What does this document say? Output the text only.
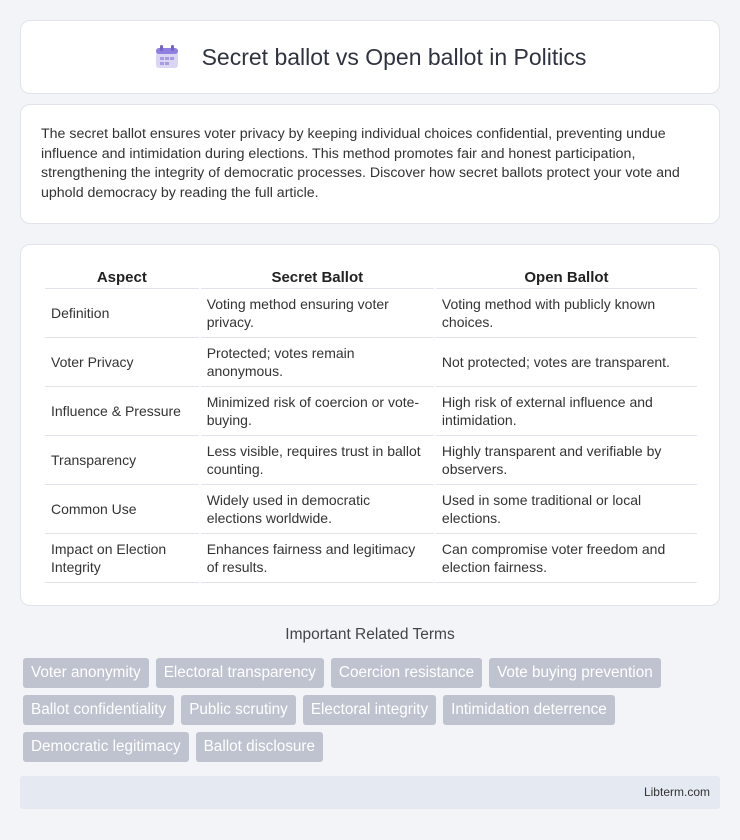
Secret ballot vs Open ballot in Politics

The secret ballot ensures voter privacy by keeping individual choices confidential, preventing undue influence and intimidation during elections. This method promotes fair and honest participation, strengthening the integrity of democratic processes. Discover how secret ballots protect your vote and uphold democracy by reading the full article.

Aspect	Secret Ballot	Open Ballot
Definition	Voting method ensuring voter privacy.	Voting method with publicly known choices.
Voter Privacy	Protected; votes remain anonymous.	Not protected; votes are transparent.
Influence & Pressure	Minimized risk of coercion or vote-buying.	High risk of external influence and intimidation.
Transparency	Less visible, requires trust in ballot counting.	Highly transparent and verifiable by observers.
Common Use	Widely used in democratic elections worldwide.	Used in some traditional or local elections.
Impact on Election Integrity	Enhances fairness and legitimacy of results.	Can compromise voter freedom and election fairness.
Important Related Terms
Voter anonymity	Electoral transparency	Coercion resistance	Vote buying prevention
Ballot confidentiality	Public scrutiny	Electoral integrity	Intimidation deterrence
Democratic legitimacy	Ballot disclosure
Libterm.com
